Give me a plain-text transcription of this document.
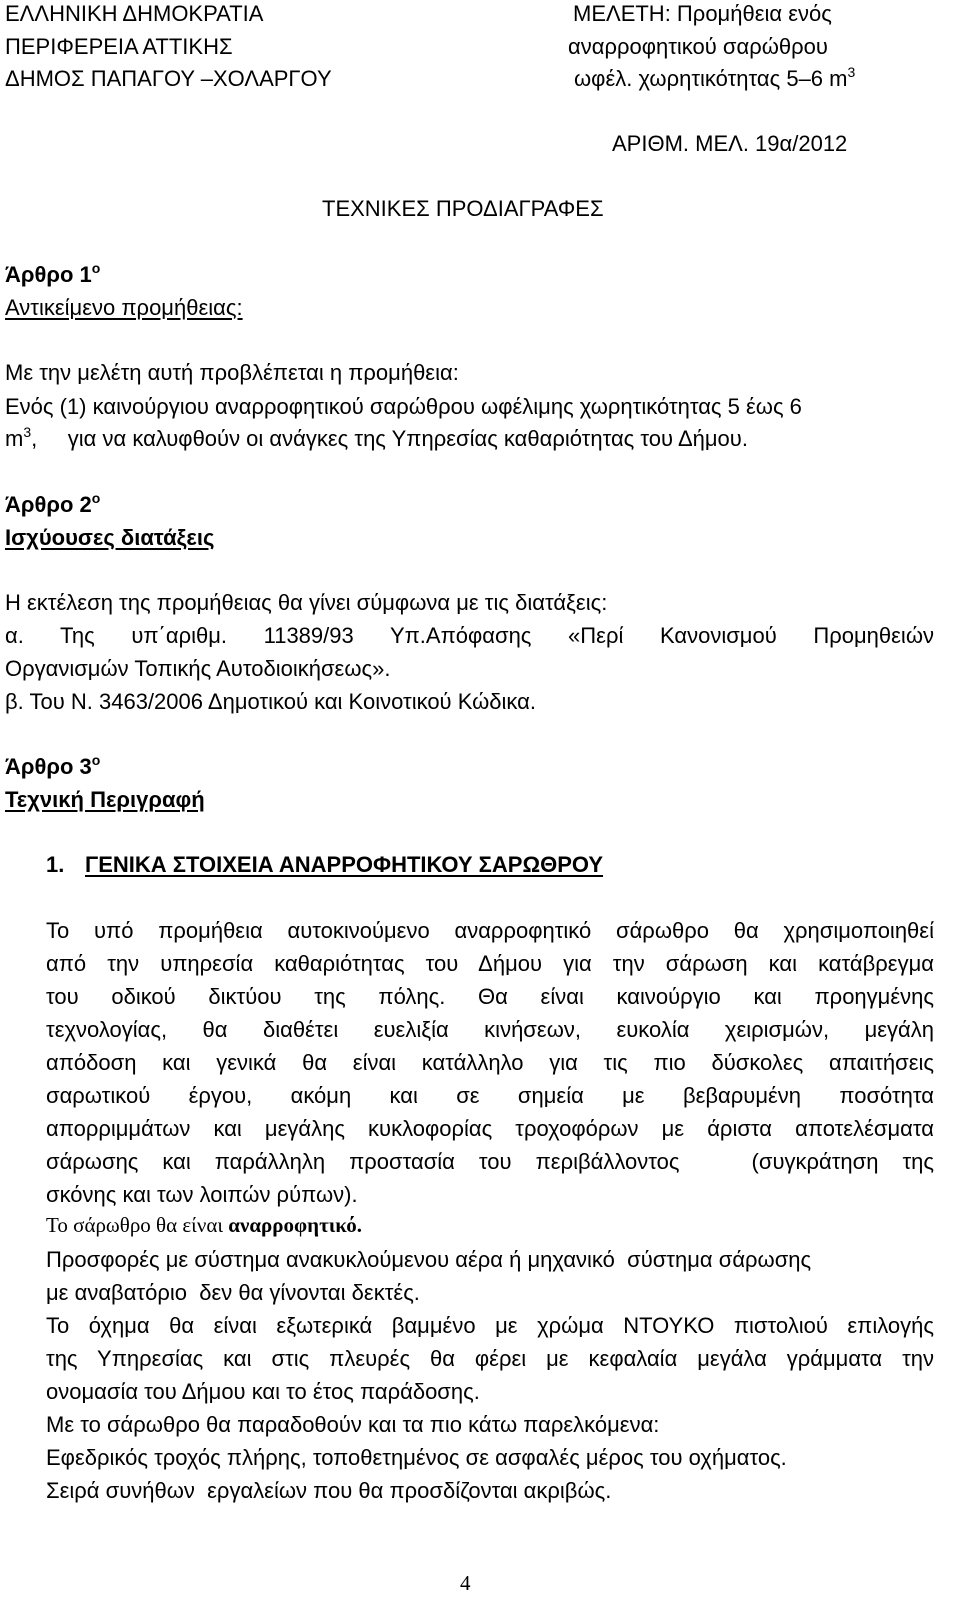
ΕΛΛΗΝΙΚΗ ΔΗΜΟΚΡΑΤΙΑ
ΠΕΡΙΦΕΡΕΙΑ ΑΤΤΙΚΗΣ
ΔΗΜΟΣ ΠΑΠΑΓΟΥ –ΧΟΛΑΡΓΟΥ
ΜΕΛΕΤΗ: Προμήθεια ενός
αναρροφητικού σαρώθρου
ωφέλ. χωρητικότητας 5–6 $m^3$
ΑΡΙΘΜ. ΜΕΛ. 19α/2012
ΤΕΧΝΙΚΕΣ ΠΡΟΔΙΑΓΡΑΦΕΣ
Άρθρο $1^o$
Αντικείμενο προμήθειας:
Με την μελέτη αυτή προβλέπεται η προμήθεια:
Ενός (1) καινούργιου αναρροφητικού σαρώθρου ωφέλιμης χωρητικότητας 5 έως 6
$m^3$,     για να καλυφθούν οι ανάγκες της Υπηρεσίας καθαριότητας του Δήμου.
Άρθρο $2^o$
Ισχύουσες διατάξεις
Η εκτέλεση της προμήθειας θα γίνει σύμφωνα με τις διατάξεις:
α. Της υπ΄αριθμ. 11389/93 Υπ.Απόφασης «Περί Κανονισμού Προμηθειών
Οργανισμών Τοπικής Αυτοδιοικήσεως».
β. Του Ν. 3463/2006 Δημοτικού και Κοινοτικού Κώδικα.
Άρθρο $3^o$
Τεχνική Περιγραφή
1. ΓΕΝΙΚΑ ΣΤΟΙΧΕΙΑ ΑΝΑΡΡΟΦΗΤΙΚΟΥ ΣΑΡΩΘΡΟΥ
Το υπό προμήθεια αυτοκινούμενο αναρροφητικό σάρωθρο θα χρησιμοποιηθεί
από την υπηρεσία καθαριότητας του Δήμου για την σάρωση και κατάβρεγμα
του οδικού δικτύου της πόλης. Θα είναι καινούργιο και προηγμένης
τεχνολογίας, θα διαθέτει ευελιξία κινήσεων, ευκολία χειρισμών, μεγάλη
απόδοση και γενικά θα είναι κατάλληλο για τις πιο δύσκολες απαιτήσεις
σαρωτικού έργου, ακόμη και σε σημεία με βεβαρυμένη ποσότητα
απορριμμάτων και μεγάλης κυκλοφορίας τροχοφόρων με άριστα αποτελέσματα
σάρωσης και παράλληλη προστασία του περιβάλλοντος   (συγκράτηση της
σκόνης και των λοιπών ρύπων).
Το σάρωθρο θα είναι αναρροφητικό.
Προσφορές με σύστημα ανακυκλούμενου αέρα ή μηχανικό  σύστημα σάρωσης
με αναβατόριο  δεν θα γίνονται δεκτές.
Το όχημα θα είναι εξωτερικά βαμμένο με χρώμα ΝΤΟΥΚΟ πιστολιού επιλογής
της Υπηρεσίας και στις πλευρές θα φέρει με κεφαλαία μεγάλα γράμματα την
ονομασία του Δήμου και το έτος παράδοσης.
Με το σάρωθρο θα παραδοθούν και τα πιο κάτω παρελκόμενα:
Εφεδρικός τροχός πλήρης, τοποθετημένος σε ασφαλές μέρος του οχήματος.
Σειρά συνήθων  εργαλείων που θα προσδίζονται ακριβώς.
4
